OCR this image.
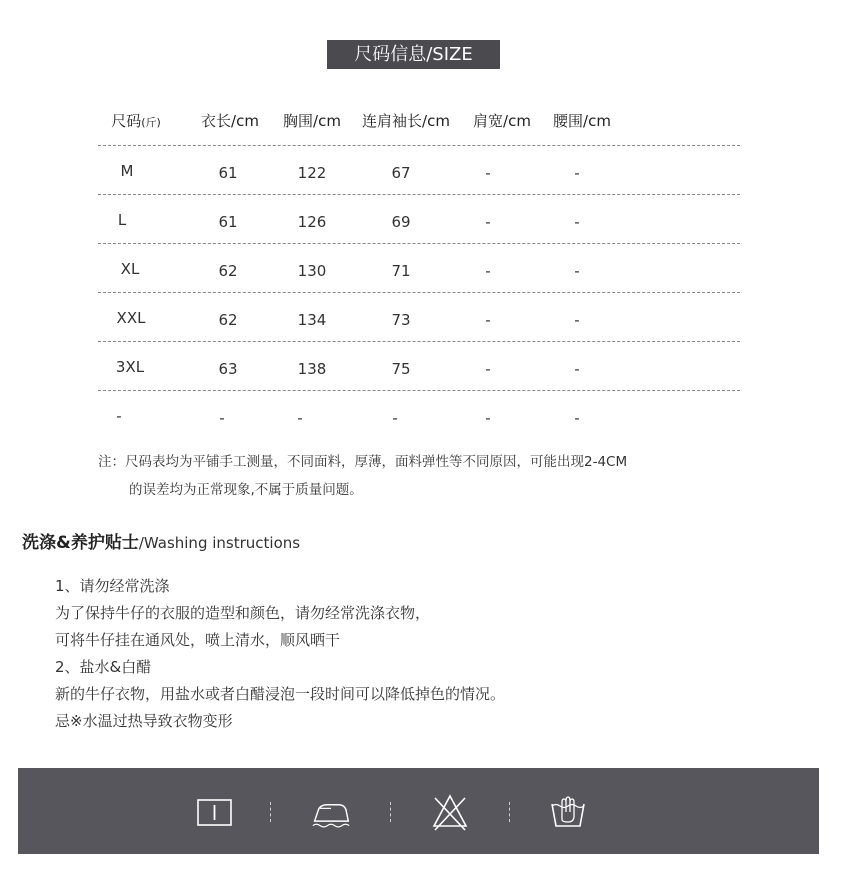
尺码信息/SIZE
尺码(斤)	衣长/cm 胸围/cm 连肩袖长/cm 肩宽/cm 腰围/cm
M	61	122	67	-	-
L	61	126	69	-	-
XL	62	130	71	-	-
XXL	62	134	73	-	-
3XL	63	138	75	-	-
-	-	-	-	-	-
注：尺码表均为平铺手工测量，不同面料，厚薄，面料弹性等不同原因，可能出现2-4CM
的误差均为正常现象,不属于质量问题。
洗涤&养护贴士/Washing instructions
1、请勿经常洗涤
为了保持牛仔的衣服的造型和颜色，请勿经常洗涤衣物，
可将牛仔挂在通风处，喷上清水，顺风晒干
2、盐水&白醋
新的牛仔衣物，用盐水或者白醋浸泡一段时间可以降低掉色的情况。
忌※水温过热导致衣物变形
